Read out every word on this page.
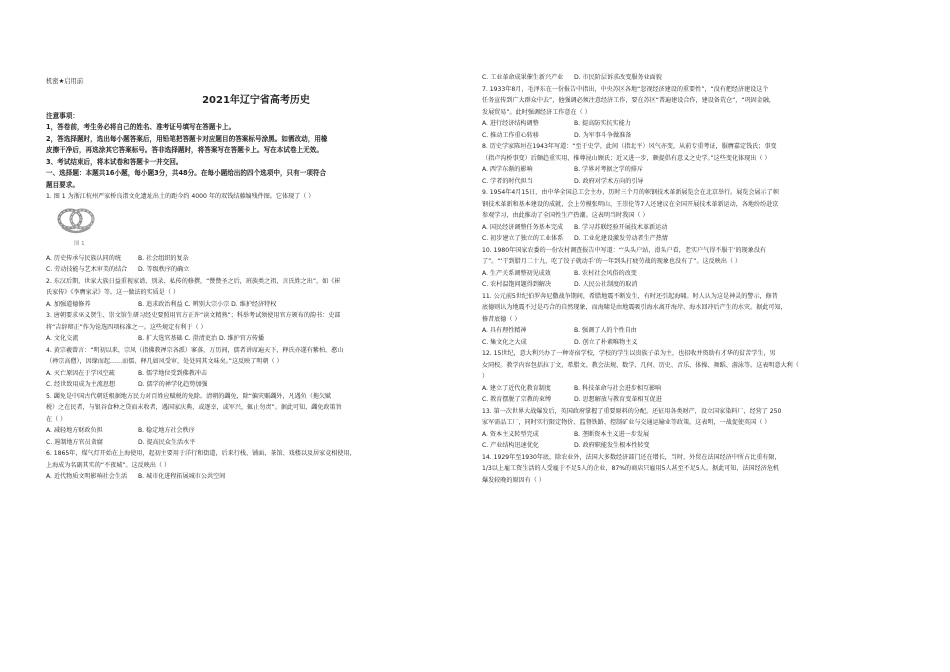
机密★启用前
2021年辽宁省高考历史
注意事项：
1，答卷前，考生务必将自己的姓名、准考证号填写在答题卡上。
2，答选择题时，选出每小题答案后，用铅笔把答题卡对应题目的答案标号涂黑。如需改动，用橡
皮擦干净后，再选涂其它答案标号。答非选择题时，将答案写在答题卡上。写在本试卷上无效。
3、考试结束后，将本试卷和答题卡一并交回。
一、选择题：本题共16小题，每小题3分，共48分。在每小题给出的四个选项中，只有一项符合
题目要求。
1. 图 1 为浙江杭州严家桥良渚文化遗址出土的距今约 4000 年的双钱结藤编残件图。它体现了（ ）
图 1
A. 历史传承与民族认同的统	B. 社会组织的复杂
C. 劳动技能与艺术审美的结合	D. 等级秩序的确立
2. 东汉后期，世家大族日益重视家谱、别录、私传的修撰，“赞赞圣之后，班族类之祖，言氏姓之出”，如《崔
氏家传》《李膺家录》等。这一做法的实质是（ ）
A. 加强道德修养	B. 追求政治利益 C. 辨别大宗小宗 D. 维护经济特权
3. 唐朝要求巫义贤生、崇文馆生研习经史要照用官方正许“读文精熟”；科举考试须使用官方颁布的韵书：史部
将“吉辞辩正”作为铨选四项标准之一。这些规定有利于（ ）
A. 文化交流	B. 扩大选官基础 C. 澄清吏治 D. 维护官方传播
4. 黄宗羲曾言：“明初以来，宗风（指佛教禅宗各派）寥落，万历间，儒者讲席遍天下，释氏亦遂有紫柏、憨山
（禅宗高僧），因缘而起……而儒、释几如风受审，处处同其文味矣。”这反映了明朝（ ）
A. 灭亡原因在于学风空疏	B. 儒学地位受到佛教冲击
C. 经世致用成为主流思想	D. 儒学的禅学化趋势加强
5. 蠲免是中国古代朝廷根据地方民力对百姓应赋税的免除。清朝的蠲免，除“偏灾赈蠲外，凡遇负（拖欠赋
税）之在民者，与银谷食种之贷而未收者，遇国家庆典，或逐幸，或军兴，辄止勿责”。据此可知，蠲免政策旨
在（ ）
A. 减轻地方财政负担	B. 稳定地方社会秩序
C. 遏制地方官员贪腐	D. 提高民众生活水平
6. 1865年，煤气灯开始在上海使用，起初主要用于洋行和街道，后来行栈、铺面、茶馆、戏楼以及居家竞相使用，
上海成为名副其实的“不夜城”。这反映出（ ）
A. 近代物质文明影响社会生活	B. 城市化进程拓展城市公共空间
C. 工业革命成果催生新兴产业	D. 市民阶层诉求改变服务业面貌
7. 1933年8月，毛泽东在一份报告中指出，中央苏区各地“忽视经济建设的重要性”，“没有把经济建设这个
任务宣传到广大群众中去”，他强调必须注意经济工作，要在苏区“普遍建设合作，建设备荒仓”，“巩固金融，
发展贸易”。此时强调经济工作意在（ ）
A. 进行经济结构调整	B. 提高防实抗实能力
C. 推动工作重心转移	D. 为军事斗争做准备
8. 历史学家陈垣在1943年写道：“至于史学，此间（指北平）风气亦变，从前专重考证，服膺嘉定钱氏；事变
（指卢沟桥事变）后颇趋重实用，推尊昆山顾氏；近又进一步，颇提倡有意义之史学。”这些变化体现出（ ）
A. 西学东渐的影响	B. 学界对考据之学的排斥
C. 学者的时代担当	D. 政府对学术方向的引导
9. 1954年4月15日，由中华全国总工会主办，历时三个月的帜钢技术革新展览会在北京举行。展览会展示了帜
钢技术革新和基本建设的成就，会上劳模张明山、王崇伦等7人还建议在全国开展技术革新运动，各地纷纷赴京
参观学习，由此推动了全国性生产热潮。这表明当时我国（ ）
A. 国民经济调整任务基本完成	B. 学习苏联经验开展技术革新运动
C. 初步建立了独立的工业体系	D. 工业化建设激发劳动者生产热情
10. 1980年国家农委的一份农村调查报告中写道：“‘头头户站，滑头户看，老实户气得不服干’的现象没有
了”。“‘干到腊月二十九，吃了饺子就动手’的一年到头打疲劳战的现象也没有了”。这反映出（ ）
A. 生产关系调整初见成效	B. 农村社会风俗的改变
C. 农村温饱问题得到解决	D. 人民公社制度的取消
11. 公元前5世纪伯罗奔尼撒战争期间，希腊地震不断发生，有时还引起海啸。时人认为这是神灵的警示，修昔
底德则认为地震不过是巧合的自然现象，而海啸是由地震吸引海水离开海岸，海水回冲后产生的水灾。据此可知，
修昔底德（ ）
A. 具有理性精神	B. 强调了人的个性自由
C. 集文化之大成	D. 创立了朴素唯物主义
12. 15世纪，意大利兴办了一种寄宿学校，学校的学生以贵族子弟为主，也招收并资助有才华的贫苦学生，男
女同校。教学内容包括拉丁文、希腊文、教会法规、数学、几何、历史、音乐、体操、舞蹈、游泳等。这表明意大利（
）
A. 建立了近代化教育制度	B. 科技革命与社会进步相互影响
C. 教育摆脱了宗教的束缚	D. 思想解放与教育变革相互促进
13. 第一次世界大战爆发后，英国政府掌握了重要原料的分配，还征用各类财产，设立国家染料厂，经营了 250
家军需品工厂，同时实行限定物价、监督铁路、控制矿业与交通运输业等政策。这表明，一战促使英国（ ）
A. 资本主义转型完成	B. 垄断资本主义进一步发展
C. 产业结构迅速优化	D. 政府职能发生根本性转变
14. 1929年至1930年底，除农业外，法国大多数经济部门还在增长，当时，外贸在法国经济中所占比重有限，
1/3以上雇工资生活的人受雇于不足5人的企业，87%的商店只雇用5人甚至不足5人。据此可知，法国经济危机
爆发较晚的原因有（ ）
